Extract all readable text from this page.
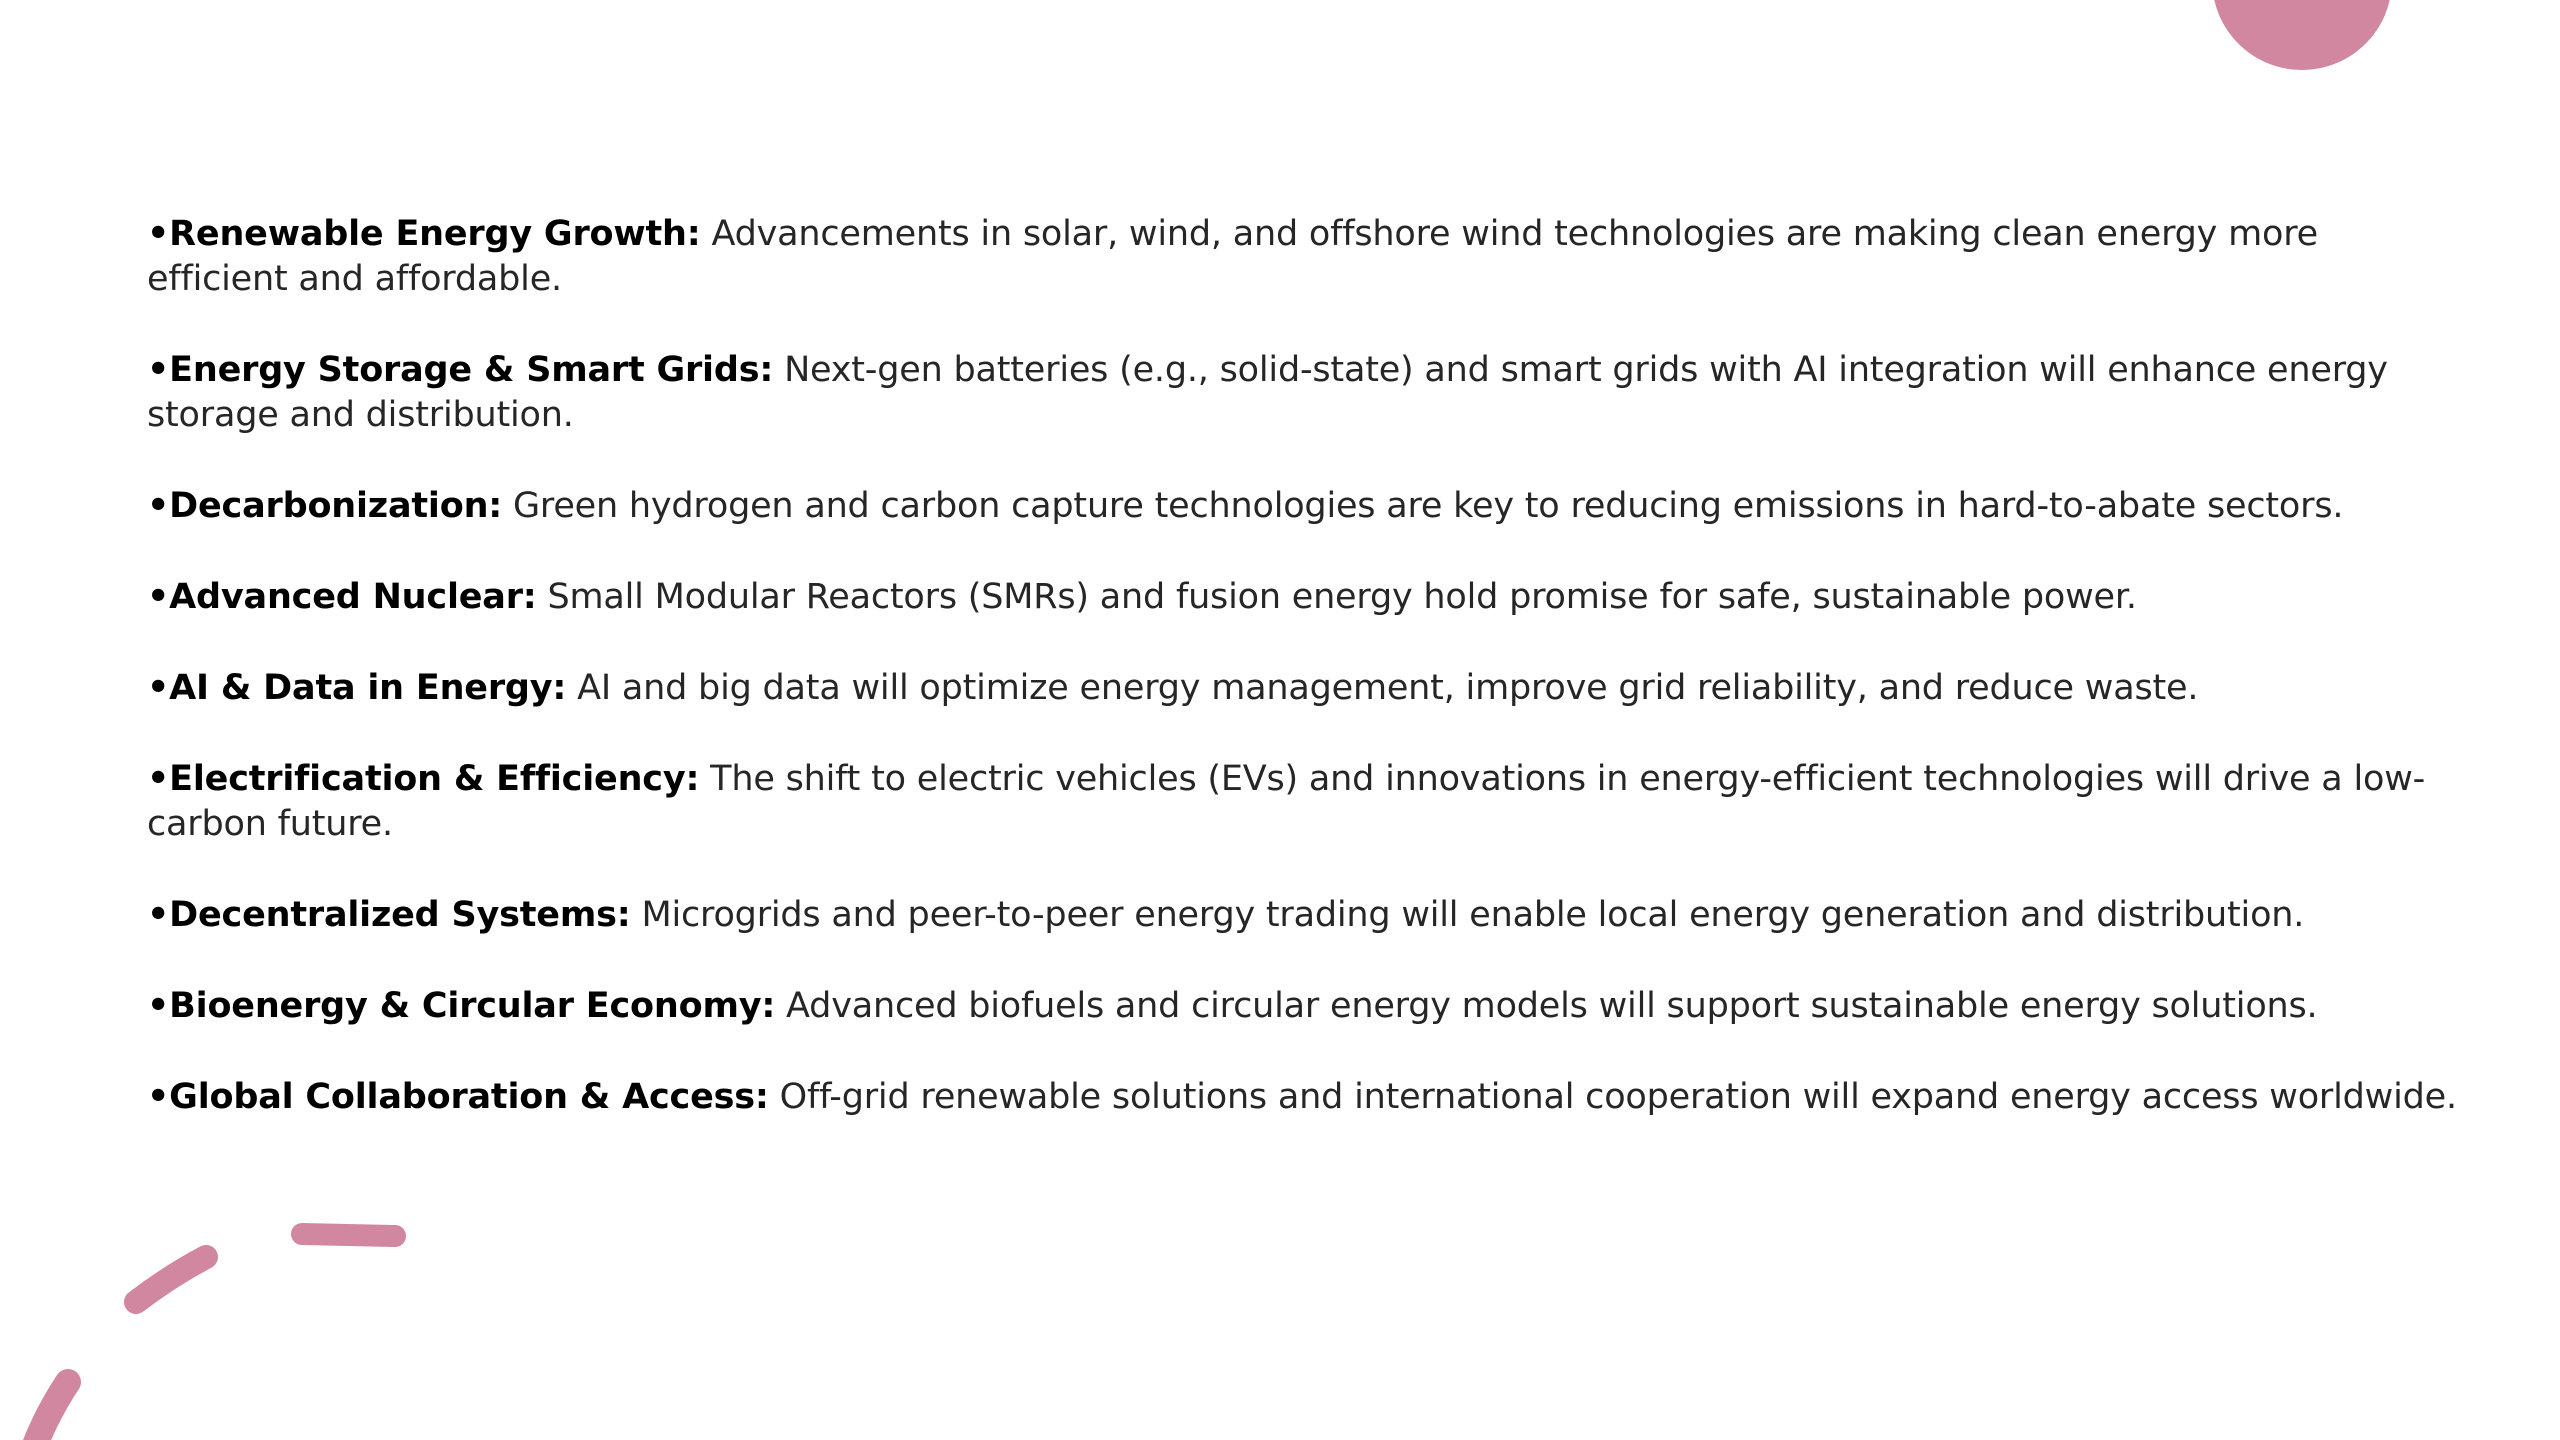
•Renewable Energy Growth: Advancements in solar, wind, and offshore wind technologies are making clean energy more efficient and affordable.
•Energy Storage & Smart Grids: Next-gen batteries (e.g., solid-state) and smart grids with AI integration will enhance energy storage and distribution.
•Decarbonization: Green hydrogen and carbon capture technologies are key to reducing emissions in hard-to-abate sectors.
•Advanced Nuclear: Small Modular Reactors (SMRs) and fusion energy hold promise for safe, sustainable power.
•AI & Data in Energy: AI and big data will optimize energy management, improve grid reliability, and reduce waste.
•Electrification & Efficiency: The shift to electric vehicles (EVs) and innovations in energy-efficient technologies will drive a low-carbon future.
•Decentralized Systems: Microgrids and peer-to-peer energy trading will enable local energy generation and distribution.
•Bioenergy & Circular Economy: Advanced biofuels and circular energy models will support sustainable energy solutions.
•Global Collaboration & Access: Off-grid renewable solutions and international cooperation will expand energy access worldwide.
